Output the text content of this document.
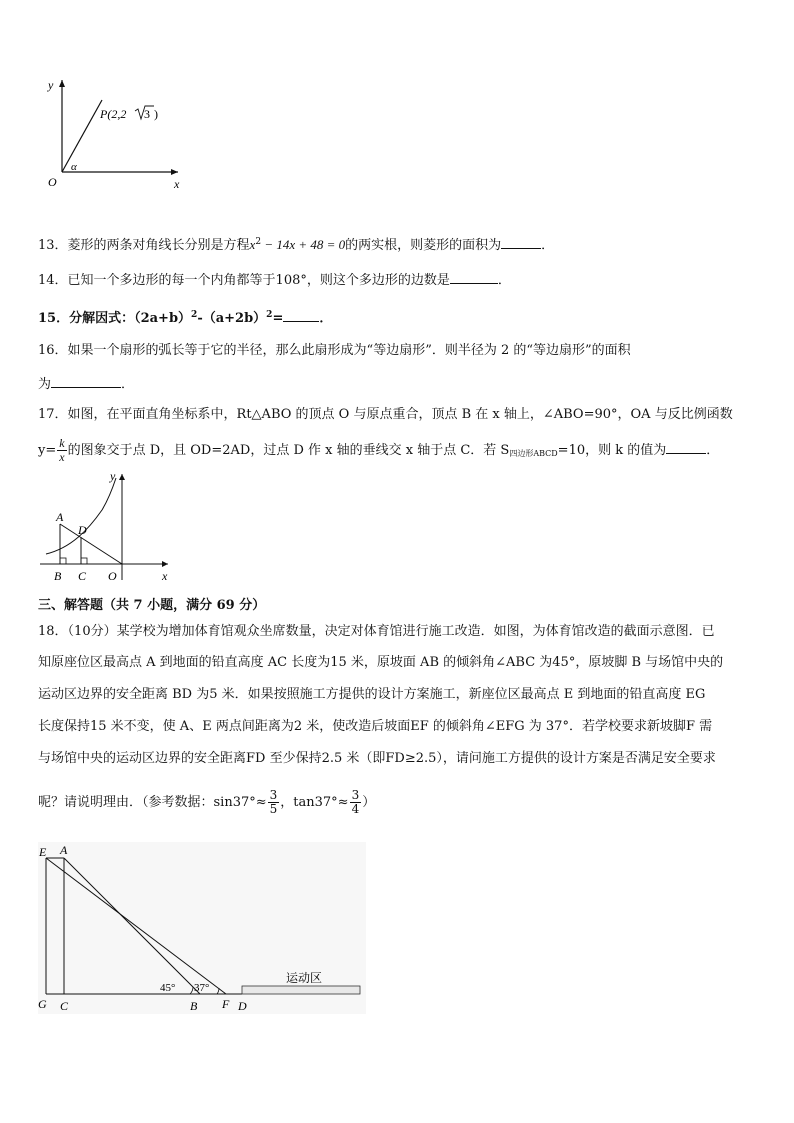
y
x
O
α
P(2,2 3 )
13．菱形的两条对角线长分别是方程$x^2 - 14x + 48 = 0$的两实根，则菱形的面积为	．
14．已知一个多边形的每一个内角都等于108°，则这个多边形的边数是	．
15．分解因式：$(2a+b)^2-(a+2b)^2=$	．
16．如果一个扇形的弧长等于它的半径，那么此扇形成为“等边扇形”．则半径为 2 的“等边扇形”的面积
为	．
17．如图，在平面直角坐标系中，Rt△ABO 的顶点 O 与原点重合，顶点 B 在 x 轴上，∠ABO=90°，OA 与反比例函数
$y= \frac{k}{x}$ 的图象交于点 D，且 OD=2AD，过点 D 作 x 轴的垂线交 x 轴于点 C．若 $S_{四边形ABCD}=10$，则 k 的值为	．
y
x
A
D
B C O
三、解答题（共 7 小题，满分 69 分）
18．（10分）某学校为增加体育馆观众坐席数量，决定对体育馆进行施工改造．如图，为体育馆改造的截面示意图．已
知原座位区最高点 A 到地面的铅直高度 AC 长度为15 米，原坡面 AB 的倾斜角∠ABC 为45°，原坡脚 B 与场馆中央的
运动区边界的安全距离 BD 为5 米．如果按照施工方提供的设计方案施工，新座位区最高点 E 到地面的铅直高度 EG
长度保持15 米不变，使 A、E 两点间距离为2 米，使改造后坡面EF 的倾斜角∠EFG 为 37°．若学校要求新坡脚F 需
与场馆中央的运动区边界的安全距离FD 至少保持2.5 米（即FD≥2.5），请问施工方提供的设计方案是否满足安全要求
呢？请说明理由．（参考数据：$\sin 37^\circ\approx \frac{3}{5}$ ，$\tan 37^\circ\approx \frac{3}{4}$ ）
E A
G C	B F D
45° 37°
运动区
